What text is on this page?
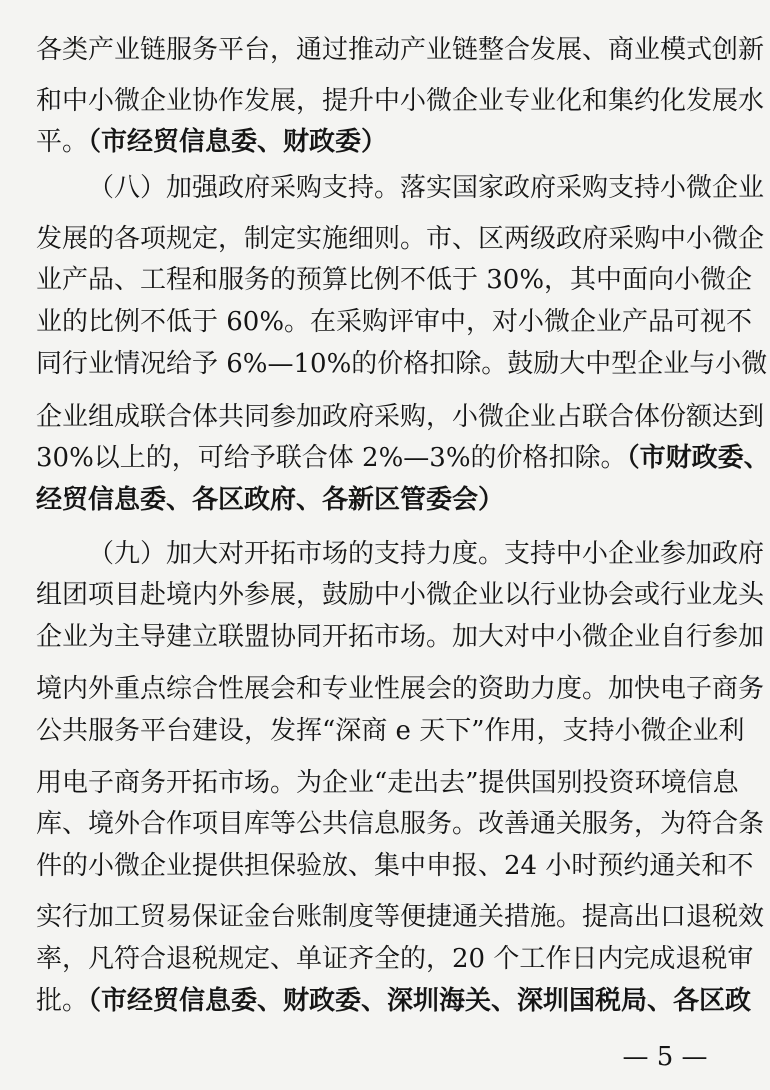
各类产业链服务平台，通过推动产业链整合发展、商业模式创新
和中小微企业协作发展，提升中小微企业专业化和集约化发展水
平。（市经贸信息委、财政委）
（八）加强政府采购支持。落实国家政府采购支持小微企业
发展的各项规定，制定实施细则。市、区两级政府采购中小微企
业产品、工程和服务的预算比例不低于 30%，其中面向小微企
业的比例不低于 60%。在采购评审中，对小微企业产品可视不
同行业情况给予 6%—10%的价格扣除。鼓励大中型企业与小微
企业组成联合体共同参加政府采购，小微企业占联合体份额达到
30%以上的，可给予联合体 2%—3%的价格扣除。（市财政委、
经贸信息委、各区政府、各新区管委会）
（九）加大对开拓市场的支持力度。支持中小企业参加政府
组团项目赴境内外参展，鼓励中小微企业以行业协会或行业龙头
企业为主导建立联盟协同开拓市场。加大对中小微企业自行参加
境内外重点综合性展会和专业性展会的资助力度。加快电子商务
公共服务平台建设，发挥“深商 e 天下”作用，支持小微企业利
用电子商务开拓市场。为企业“走出去”提供国别投资环境信息
库、境外合作项目库等公共信息服务。改善通关服务，为符合条
件的小微企业提供担保验放、集中申报、24 小时预约通关和不
实行加工贸易保证金台账制度等便捷通关措施。提高出口退税效
率，凡符合退税规定、单证齐全的，20 个工作日内完成退税审
批。（市经贸信息委、财政委、深圳海关、深圳国税局、各区政
— 5 —
